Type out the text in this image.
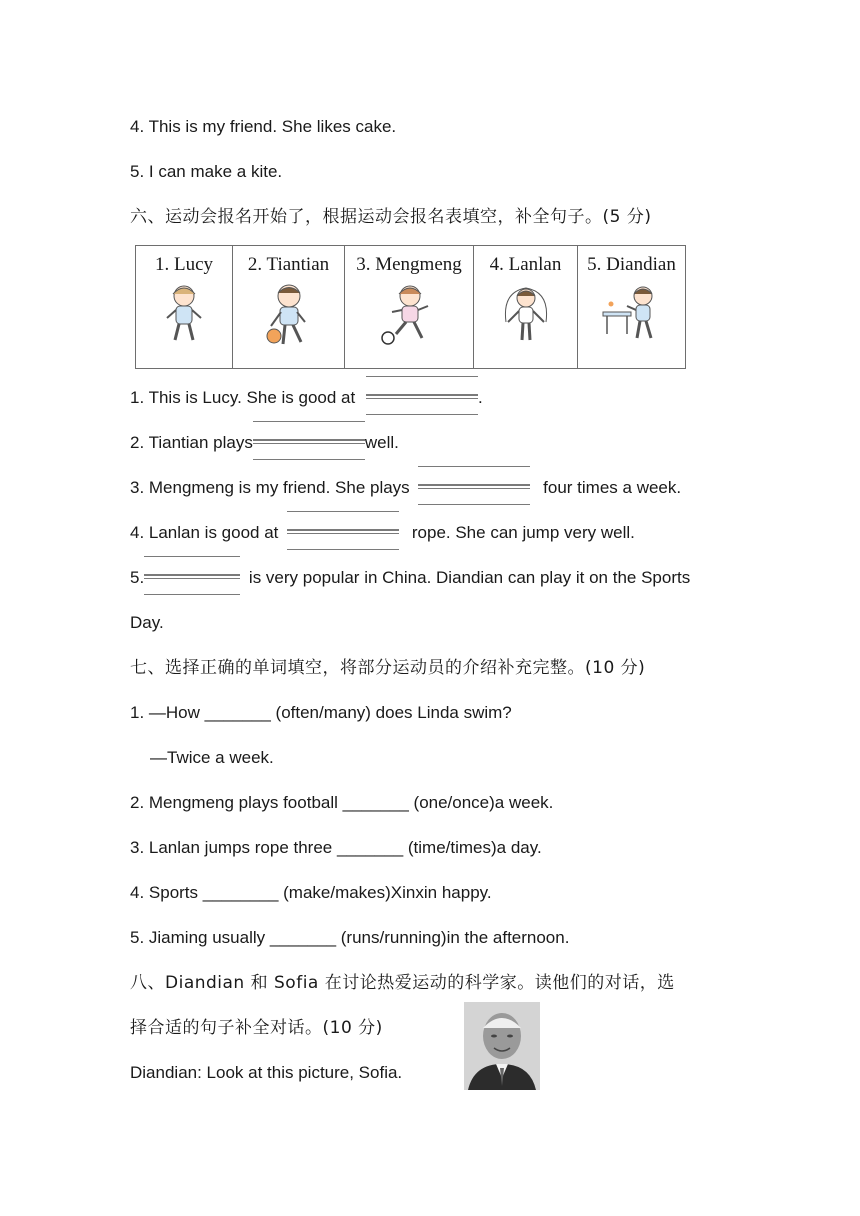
4. This is my friend. She likes cake.
5. I can make a kite.
六、运动会报名开始了，根据运动会报名表填空，补全句子。(5 分)
1. Lucy	2. Tiantian	3. Mengmeng	4. Lanlan	5. Diandian
1. This is Lucy. She is good at	.
2. Tiantian plays	well.
3. Mengmeng is my friend. She plays	four times a week.
4. Lanlan is good at	rope. She can jump very well.
5.	is very popular in China. Diandian can play it on the Sports
Day.
七、选择正确的单词填空，将部分运动员的介绍补充完整。(10 分)
1. —How _______ (often/many) does Linda swim?
—Twice a week.
2. Mengmeng plays football _______ (one/once)a week.
3. Lanlan jumps rope three _______ (time/times)a day.
4. Sports ________ (make/makes)Xinxin happy.
5. Jiaming usually _______ (runs/running)in the afternoon.
八、Diandian 和 Sofia 在讨论热爱运动的科学家。读他们的对话，选
择合适的句子补全对话。(10 分)
Diandian: Look at this picture, Sofia.
